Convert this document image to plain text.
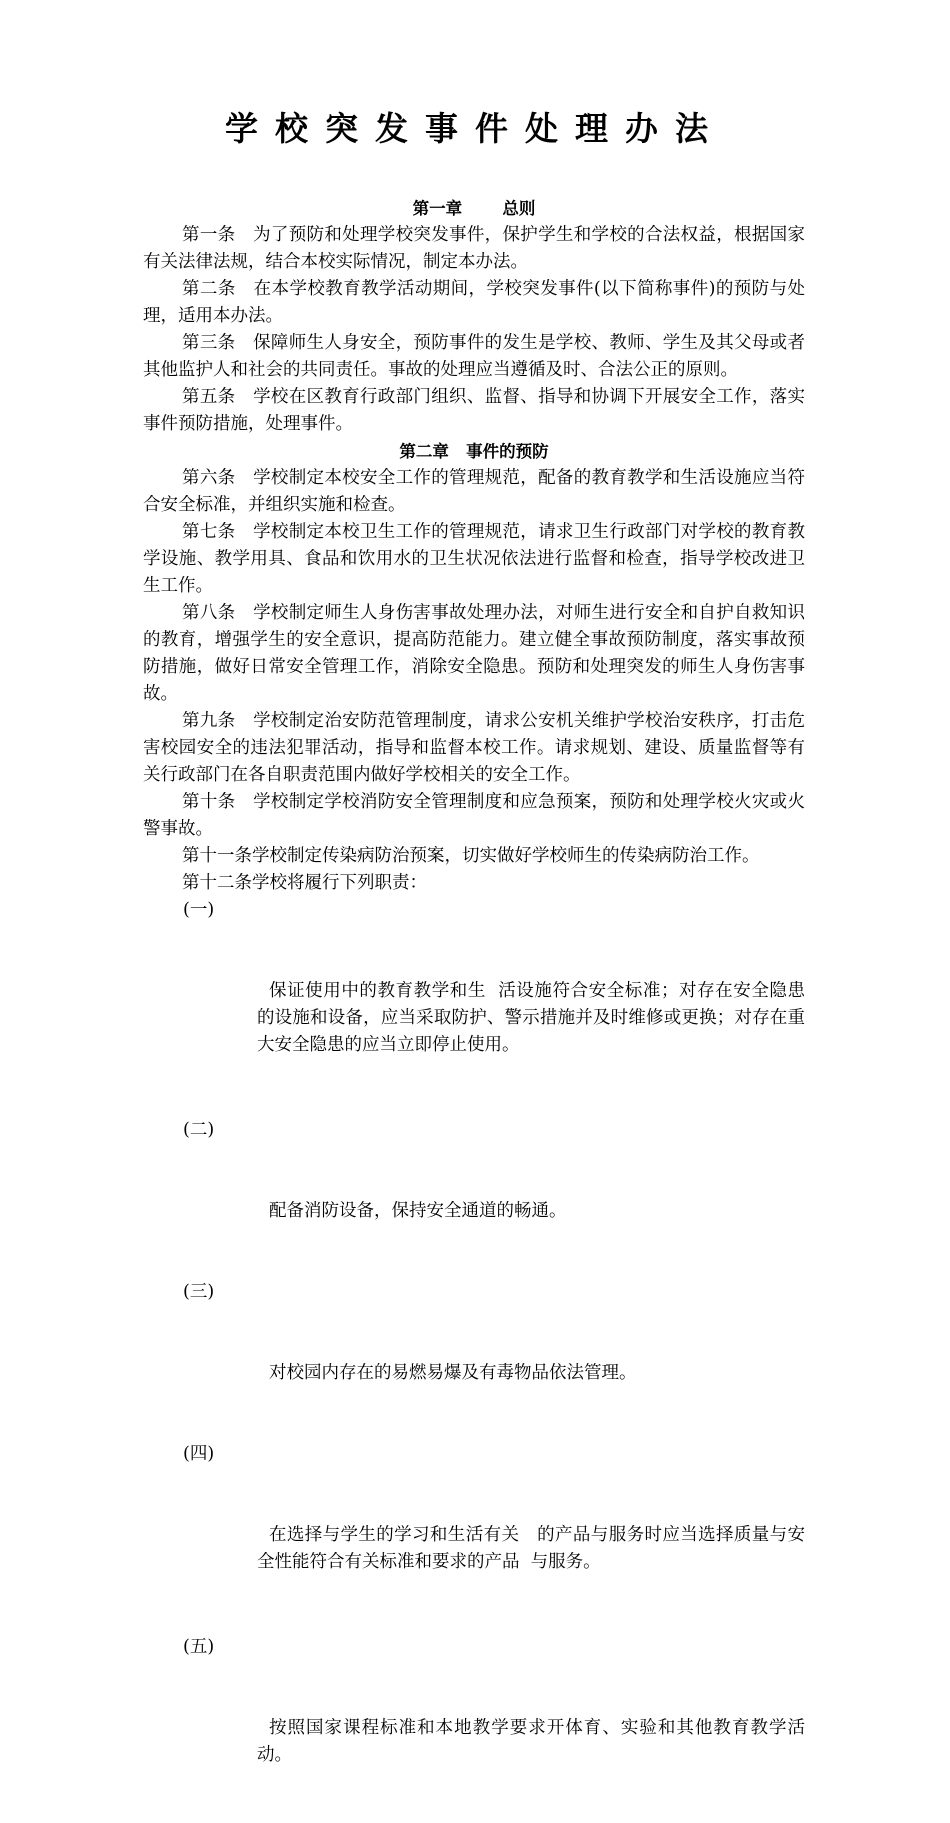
学校突发事件处理办法
第一章       总则

第一条   为了预防和处理学校突发事件，保护学生和学校的合法权益，根据国家有关法律法规，结合本校实际情况，制定本办法。

第二条   在本学校教育教学活动期间，学校突发事件(以下简称事件)的预防与处理，适用本办法。

第三条   保障师生人身安全，预防事件的发生是学校、教师、学生及其父母或者其他监护人和社会的共同责任。事故的处理应当遵循及时、合法公正的原则。

第五条   学校在区教育行政部门组织、监督、指导和协调下开展安全工作，落实事件预防措施，处理事件。

第二章   事件的预防

第六条   学校制定本校安全工作的管理规范，配备的教育教学和生活设施应当符合安全标准，并组织实施和检查。

第七条   学校制定本校卫生工作的管理规范，请求卫生行政部门对学校的教育教学设施、教学用具、食品和饮用水的卫生状况依法进行监督和检查，指导学校改进卫生工作。

第八条   学校制定师生人身伤害事故处理办法，对师生进行安全和自护自救知识的教育，增强学生的安全意识，提高防范能力。建立健全事故预防制度，落实事故预防措施，做好日常安全管理工作，消除安全隐患。预防和处理突发的师生人身伤害事故。

第九条   学校制定治安防范管理制度，请求公安机关维护学校治安秩序，打击危害校园安全的违法犯罪活动，指导和监督本校工作。请求规划、建设、质量监督等有关行政部门在各自职责范围内做好学校相关的安全工作。

第十条   学校制定学校消防安全管理制度和应急预案，预防和处理学校火灾或火警事故。

第十一条学校制定传染病防治预案，切实做好学校师生的传染病防治工作。

第十二条学校将履行下列职责：

(一)

保证使用中的教育教学和生  活设施符合安全标准；对存在安全隐患的设施和设备，应当采取防护、警示措施并及时维修或更换；对存在重大安全隐患的应当立即停止使用。

(二)

配备消防设备，保持安全通道的畅通。

(三)

对校园内存在的易燃易爆及有毒物品依法管理。

(四)

在选择与学生的学习和生活有关   的产品与服务时应当选择质量与安全性能符合有关标准和要求的产品  与服务。

(五)

按照国家课程标准和本地教学要求开体育、实验和其他教育教学活动。
